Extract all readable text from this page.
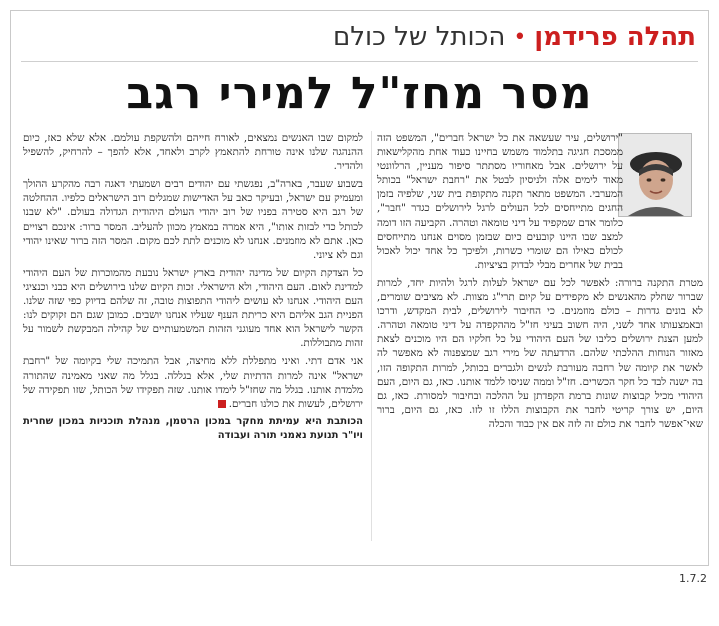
תהלה פרידמן
•
הכותל של כולם
מסר מחז"ל למירי רגב

"ירושלים, עיר שעשאה את כל ישראל חברים", המשפט הזה ממסכת חגיגה בתלמוד משמש בחיינו כעוד אחת מהקלישאות על ירושלים. אבל מאחוריו מסתתר סיפור מעניין, הרלוונטי מאוד לימים אלה ולניסיון לבטל את "רחבת ישראל" בכותל המערבי. המשפט מתאר תקנה מתקופת בית שני, שלפיה בזמן החגים מתייחסים לכל העולים לרגל לירושלים כגדר "חבר", כלומר אדם שמקפיד על דיני טומאה וטהרה. הקביעה הזו דומה למצב שבו היינו קובעים כיום שבזמן מסוים אנחנו מתייחסים לכולם כאילו הם שומרי כשרות, ולפיכך כל אחד יכול לאכול בבית של אחרים מבלי לבדוק בציציות.

מטרת התקנה ברורה: לאפשר לכל עם ישראל לעלות לרגל ולהיות יחד, למרות שברור שחלק מהאנשים לא מקפידים על קיום תרי"ג מצוות. לא מציבים שומרים, לא בונים גדרות – כולם מוזמנים. כי החיבור לירושלים, לבית המקדש, ודרכו ובאמצעותו אחד לשני, היה חשוב בעיני חז"ל מההקפדה על דיני טומאה וטהרה. למען הצנת ירושלים כליבו של העם היהודי על כל חלקיו הם היו מוכנים לצאת מאזור הנוחות ההלכתי שלהם. הרדעתה של מירי רגב שמצפנוה לא מאפשר לה לאשר את קיומה של רחבה מעורבת לנשים ולגברים בכותל, למרות התקופה הזו, בה ישנה לבד כל חקר הכשרים. חז"ל וממה שניסו ללמד אותנו. כאז, גם היום, העם היהודי מכיל קבוצות שונות ברמת הקפדתן על ההלכה ובחיבור למסורת. כאז, גם היום, יש צורך קריטי לחבר את הקבוצות הללו זו לזו. כאז, גם היום, ברור שאי־אפשר לחבר את כולם זה לזה אם אין כבוד והכלה

למקום שבו האנשים נמצאים, לאורח חייהם ולהשקפת עולמם. אלא שלא כאז, כיום ההנהגה שלנו אינה טורחת להתאמץ לקרב ולאחד, אלא להפך – להרחיק, להשפיל ולהדיר.

בשבוע שעבר, בארה"ב, נפגשתי עם יהודים רבים ושמעתי דאגה רבה מהקרע ההולך ומעמיק עם ישראל, ובעיקר כאב על האדישות שמגלים רוב הישראלים כלפיו. ההחלטה של רגב היא סטירה בפניו של רוב יהודי העולם היהודית הגדולה בעולם. "לא שבנו לכותל כדי לבזות אותו", היא אמרה במאמץ מכוון להעליב. המסר ברור: אינכם רצויים כאן. אתם לא מוזמנים. אנחנו לא מוכנים לתת לכם מקום. המסר הזה ברור שאינו יהודי וגם לא ציוני.

כל הצדקת הקיום של מדינה יהודית בארץ ישראל נובעת מהמוכרות של העם היהודי למדינת לאום. העם היהודי, ולא הישראלי. זכות הקיום שלנו בירושלים היא כבני וכנציגי העם היהודי. אנחנו לא עושים ליהודי התפוצות טובה, זה שלהם בדיוק כפי שזה שלנו. הפניית הגב אליהם היא כריתת הענף שעליו אנחנו יושבים. כמובן שגם הם זקוקים לנו: הקשר לישראל הוא אחד מעוגני הזהות המשמעותיים של קהילה המבקשת לשמור על זהות מתבוללות.

אני אדם דתי. ואיני מתפללת ללא מחיצה, אבל התמיכה שלי בקיומה של "רחבת ישראל" אינה למרות הדתיות שלי, אלא בגללה. בגלל מה שאני מאמינה שהתורה מלמדת אותנו. בגלל מה שחז"ל לימדו אותנו. שזה תפקידו של הכותל, שזו תפקידה של ירושלים, לעשות את כולנו חברים.

הכותבת היא עמיתת מחקר במכון הרטמן, מנהלת תוכניות במכון שחרית ויו"ר תנועת נאמני תורה ועבודה

1.7.2
